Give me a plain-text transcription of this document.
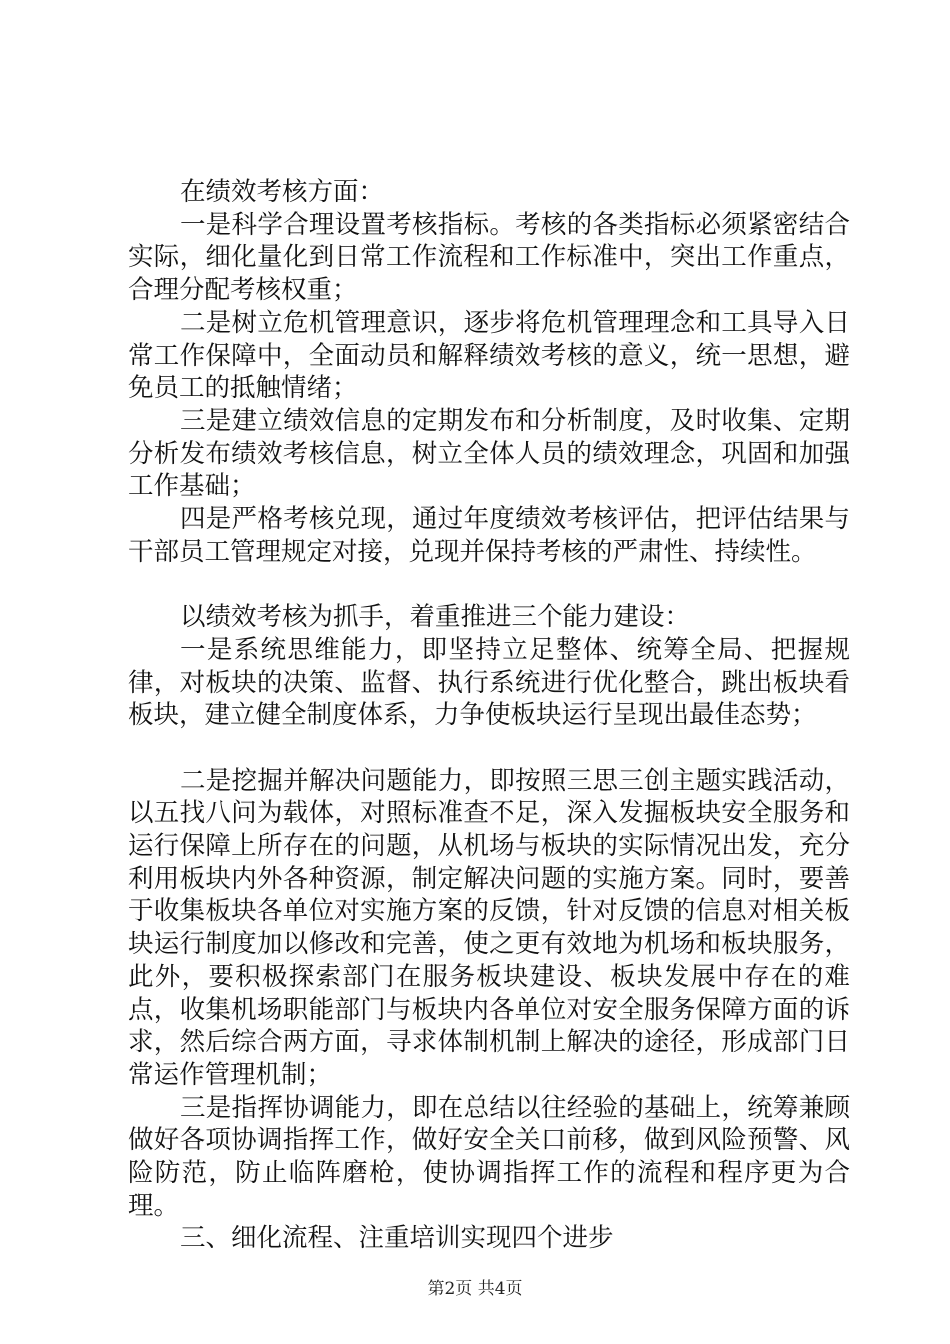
在绩效考核方面：

一是科学合理设置考核指标。考核的各类指标必须紧密结合实际，细化量化到日常工作流程和工作标准中，突出工作重点，合理分配考核权重；

二是树立危机管理意识，逐步将危机管理理念和工具导入日常工作保障中，全面动员和解释绩效考核的意义，统一思想，避免员工的抵触情绪；

三是建立绩效信息的定期发布和分析制度，及时收集、定期分析发布绩效考核信息，树立全体人员的绩效理念，巩固和加强工作基础；

四是严格考核兑现，通过年度绩效考核评估，把评估结果与干部员工管理规定对接，兑现并保持考核的严肃性、持续性。

以绩效考核为抓手，着重推进三个能力建设：

一是系统思维能力，即坚持立足整体、统筹全局、把握规律，对板块的决策、监督、执行系统进行优化整合，跳出板块看板块，建立健全制度体系，力争使板块运行呈现出最佳态势；

二是挖掘并解决问题能力，即按照三思三创主题实践活动，以五找八问为载体，对照标准查不足，深入发掘板块安全服务和运行保障上所存在的问题，从机场与板块的实际情况出发，充分利用板块内外各种资源，制定解决问题的实施方案。同时，要善于收集板块各单位对实施方案的反馈，针对反馈的信息对相关板块运行制度加以修改和完善，使之更有效地为机场和板块服务，此外，要积极探索部门在服务板块建设、板块发展中存在的难点，收集机场职能部门与板块内各单位对安全服务保障方面的诉求，然后综合两方面，寻求体制机制上解决的途径，形成部门日常运作管理机制；

三是指挥协调能力，即在总结以往经验的基础上，统筹兼顾做好各项协调指挥工作，做好安全关口前移，做到风险预警、风险防范，防止临阵磨枪，使协调指挥工作的流程和程序更为合理。

三、细化流程、注重培训实现四个进步

第2页 共4页
